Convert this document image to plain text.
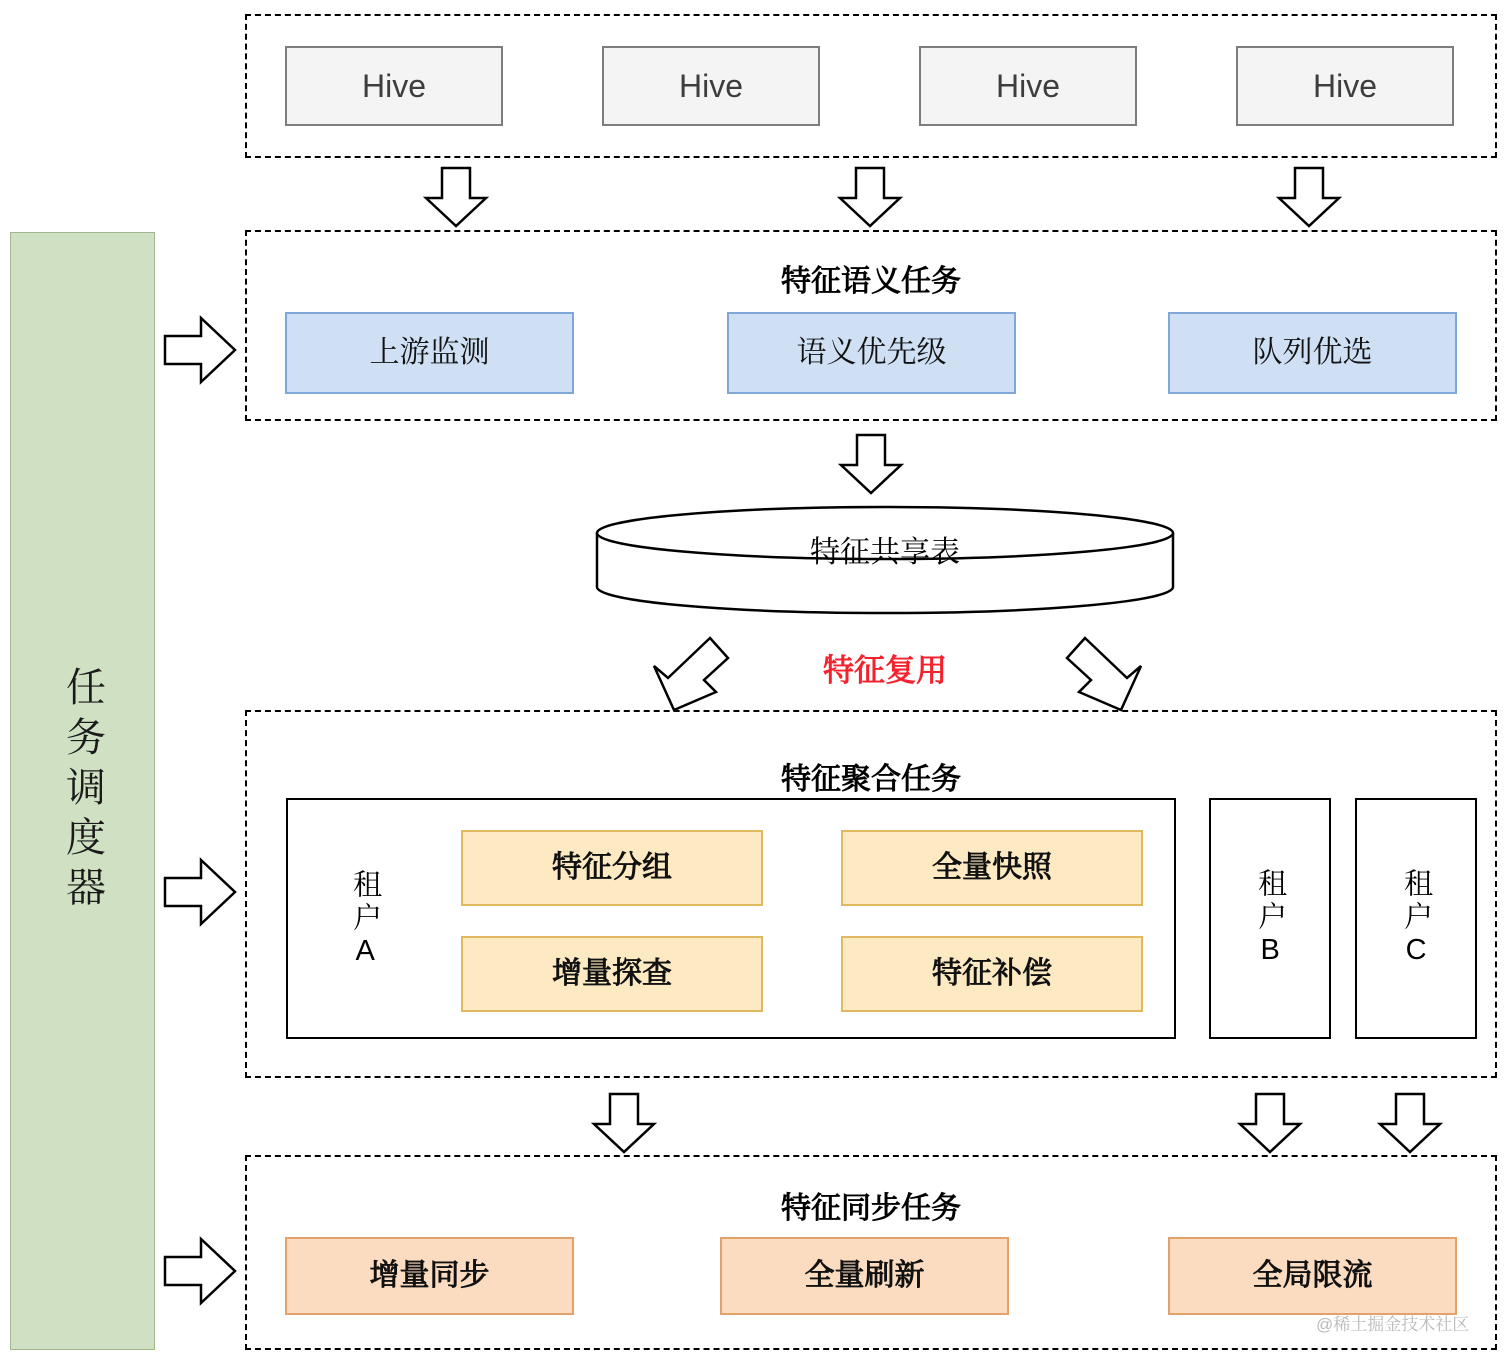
任务调度器
Hive	Hive	Hive	Hive
特征语义任务
上游监测	语义优先级	队列优选
特征共享表
特征复用
特征聚合任务
租户A
特征分组	全量快照
增量探查	特征补偿
租户B	租户C
特征同步任务
增量同步	全量刷新	全局限流
@稀土掘金技术社区
